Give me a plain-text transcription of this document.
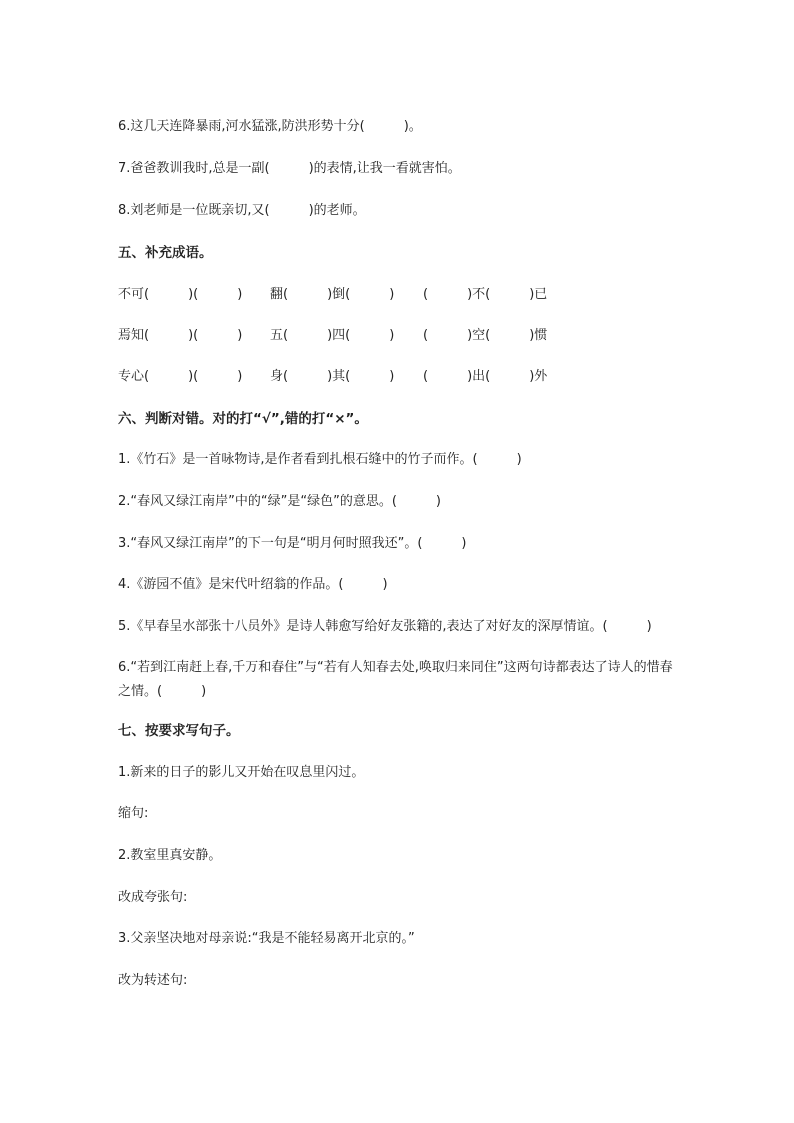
6.这几天连降暴雨,河水猛涨,防洪形势十分(　　　)。
7.爸爸教训我时,总是一副(　　　)的表情,让我一看就害怕。
8.刘老师是一位既亲切,又(　　　)的老师。
五、补充成语。
不可(　　　)(　　　) 翻(　　　)倒(　　　) (　　　)不(　　　)已
焉知(　　　)(　　　) 五(　　　)四(　　　) (　　　)空(　　　)惯
专心(　　　)(　　　) 身(　　　)其(　　　) (　　　)出(　　　)外
六、判断对错。对的打“√”,错的打“×”。
1.《竹石》是一首咏物诗,是作者看到扎根石缝中的竹子而作。(　　　)
2.“春风又绿江南岸”中的“绿”是“绿色”的意思。(　　　)
3.“春风又绿江南岸”的下一句是“明月何时照我还”。(　　　)
4.《游园不值》是宋代叶绍翁的作品。(　　　)
5.《早春呈水部张十八员外》是诗人韩愈写给好友张籍的,表达了对好友的深厚情谊。(　　　)
6.“若到江南赶上春,千万和春住”与“若有人知春去处,唤取归来同住”这两句诗都表达了诗人的惜春之情。(　　　)
七、按要求写句子。
1.新来的日子的影儿又开始在叹息里闪过。
缩句:
2.教室里真安静。
改成夸张句:
3.父亲坚决地对母亲说:“我是不能轻易离开北京的。”
改为转述句:
